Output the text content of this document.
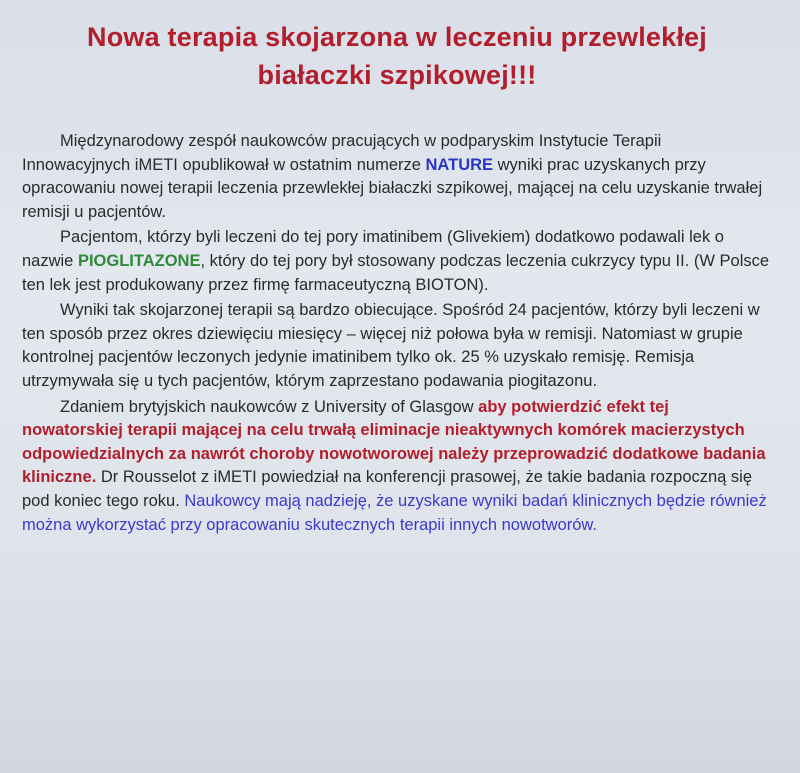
Nowa terapia skojarzona w leczeniu przewlekłej
białaczki szpikowej!!!

Międzynarodowy zespół naukowców pracujących w podparyskim Instytucie Terapii Innowacyjnych iMETI opublikował w ostatnim numerze NATURE wyniki prac uzyskanych przy opracowaniu nowej terapii leczenia przewlekłej białaczki szpikowej, mającej na celu uzyskanie trwałej remisji u pacjentów.

Pacjentom, którzy byli leczeni do tej pory imatinibem (Glivekiem) dodatkowo podawali lek o nazwie PIOGLITAZONE, który do tej pory był stosowany podczas leczenia cukrzycy typu II. (W Polsce ten lek jest produkowany przez firmę farmaceutyczną BIOTON).

Wyniki tak skojarzonej terapii są bardzo obiecujące. Spośród 24 pacjentów, którzy byli leczeni w ten sposób przez okres dziewięciu miesięcy – więcej niż połowa była w remisji. Natomiast w grupie kontrolnej pacjentów leczonych jedynie imatinibem tylko ok. 25 % uzyskało remisję. Remisja utrzymywała się u tych pacjentów, którym zaprzestano podawania piogitazonu.

Zdaniem brytyjskich naukowców z University of Glasgow aby potwierdzić efekt tej nowatorskiej terapii mającej na celu trwałą eliminacje nieaktywnych komórek macierzystych odpowiedzialnych za nawrót choroby nowotworowej należy przeprowadzić dodatkowe badania kliniczne. Dr Rousselot z iMETI powiedział na konferencji prasowej, że takie badania rozpoczną się pod koniec tego roku. Naukowcy mają nadzieję, że uzyskane wyniki badań klinicznych będzie również można wykorzystać przy opracowaniu skutecznych terapii innych nowotworów.
